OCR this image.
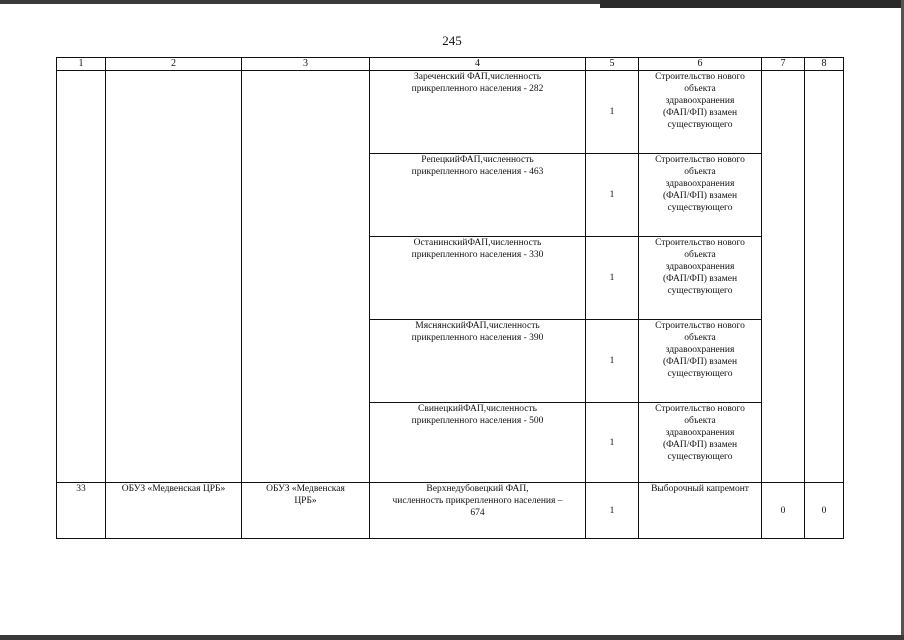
245
1	2	3	4	5	6	7	8

			Зареченский ФАП,численность
прикрепленного населения - 282	1	Строительство нового
объекта
здравоохранения
(ФАП/ФП) взамен
существующего		

			РепецкийФАП,численность
прикрепленного населения - 463	1	Строительство нового
объекта
здравоохранения
(ФАП/ФП) взамен
существующего		

			ОстанинскийФАП,численность
прикрепленного населения - 330	1	Строительство нового
объекта
здравоохранения
(ФАП/ФП) взамен
существующего		

			МяснянскийФАП,численность
прикрепленного населения - 390	1	Строительство нового
объекта
здравоохранения
(ФАП/ФП) взамен
существующего		

			СвинецкийФАП,численность
прикрепленного населения - 500	1	Строительство нового
объекта
здравоохранения
(ФАП/ФП) взамен
существующего		

33	ОБУЗ «Медвенская ЦРБ»	ОБУЗ «Медвенская
ЦРБ»	Верхнедубовецкий ФАП,
численность прикрепленного населения –
674	1	Выборочный капремонт	0	0
